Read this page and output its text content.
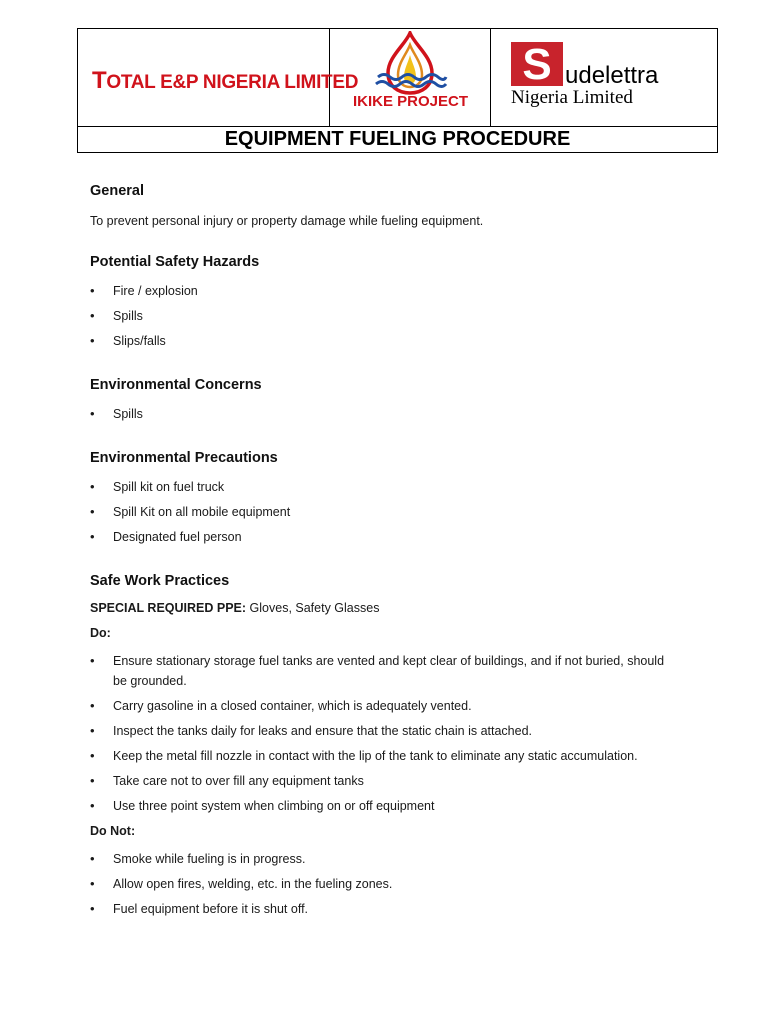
TOTAL E&P NIGERIA LIMITED
IKIKE PROJECT
S udelettra
Nigeria Limited
EQUIPMENT FUELING PROCEDURE
General

To prevent personal injury or property damage while fueling equipment.

Potential Safety Hazards
• Fire / explosion
• Spills
• Slips/falls
Environmental Concerns
• Spills
Environmental Precautions
• Spill kit on fuel truck
• Spill Kit on all mobile equipment
• Designated fuel person
Safe Work Practices

SPECIAL REQUIRED PPE: Gloves, Safety Glasses

Do:

• Ensure stationary storage fuel tanks are vented and kept clear of buildings, and if not buried, should be grounded.
• Carry gasoline in a closed container, which is adequately vented.
• Inspect the tanks daily for leaks and ensure that the static chain is attached.
• Keep the metal fill nozzle in contact with the lip of the tank to eliminate any static accumulation.
• Take care not to over fill any equipment tanks
• Use three point system when climbing on or off equipment

Do Not:

• Smoke while fueling is in progress.
• Allow open fires, welding, etc. in the fueling zones.
• Fuel equipment before it is shut off.
